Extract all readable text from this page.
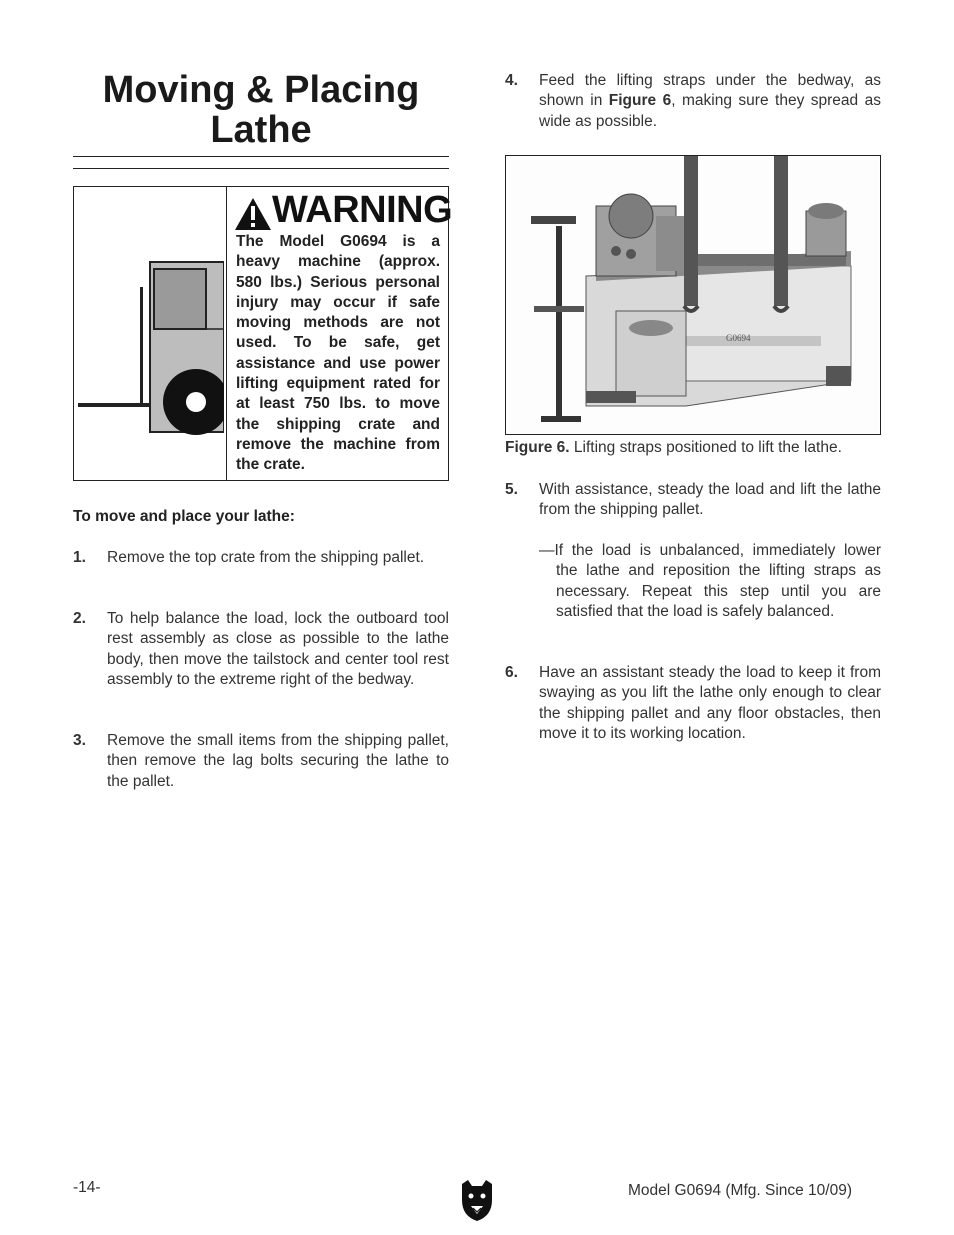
Moving & Placing
Lathe
WARNING
The Model G0694 is a heavy machine (approx. 580 lbs.) Serious personal injury may occur if safe moving methods are not used. To be safe, get assistance and use power lifting equipment rated for at least 750 lbs. to move the shipping crate and remove the machine from the crate.
To move and place your lathe:
1. Remove the top crate from the shipping pallet.
2. To help balance the load, lock the outboard tool rest assembly as close as possible to the lathe body, then move the tailstock and center tool rest assembly to the extreme right of the bedway.
3. Remove the small items from the shipping pallet, then remove the lag bolts securing the lathe to the pallet.
4. Feed the lifting straps under the bedway, as shown in Figure 6, making sure they spread as wide as possible.
G0694
Figure 6. Lifting straps positioned to lift the lathe.
5. With assistance, steady the load and lift the lathe from the shipping pallet.
—If the load is unbalanced, immediately lower the lathe and reposition the lifting straps as necessary. Repeat this step until you are satisfied that the load is safely balanced.
6. Have an assistant steady the load to keep it from swaying as you lift the lathe only enough to clear the shipping pallet and any floor obstacles, then move it to its working location.
-14-	Model G0694 (Mfg. Since 10/09)
